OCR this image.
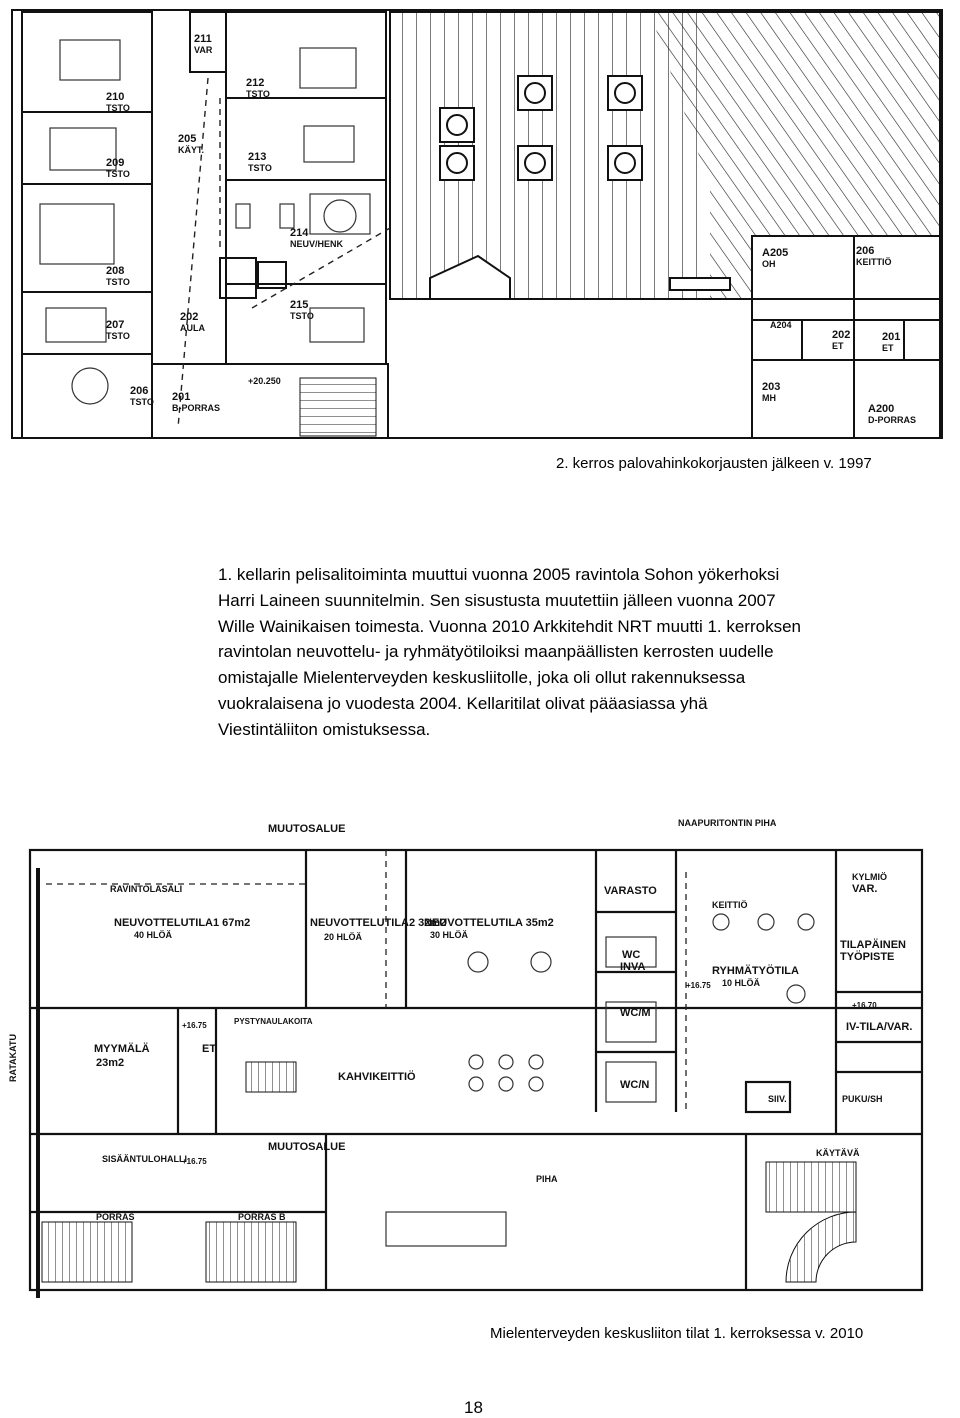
210
TSTO
211
VAR
212
TSTO
205
KÄYT.
209
TSTO
213
TSTO
208
TSTO
214
NEUV/HENK
215
TSTO
207
TSTO
202
AULA
206
TSTO 201
B-PORRAS
+20.250
A205
OH
206
KEITTIÖ
A204
202
ET
201
ET
203
MH
A200
D-PORRAS
2. kerros palovahinkokorjausten jälkeen v. 1997
1. kellarin pelisalitoiminta muuttui vuonna 2005 ravintola Sohon yökerhoksi
Harri Laineen suunnitelmin. Sen sisustusta muutettiin jälleen vuonna 2007
Wille Wainikaisen toimesta. Vuonna 2010 Arkkitehdit NRT muutti 1. kerroksen
ravintolan neuvottelu- ja ryhmätyötiloiksi maanpäällisten kerrosten uudelle
omistajalle Mielenterveyden keskusliitolle, joka oli ollut rakennuksessa
vuokralaisena jo vuodesta 2004. Kellaritilat olivat pääasiassa yhä
Viestintäliiton omistuksessa.
MUUTOSALUE	NAAPURITONTIN PIHA
RAVINTOLASALI
NEUVOTTELUTILA1 67m2
40 HLÖÄ
NEUVOTTELUTILA2 32m2
20 HLÖÄ
NEUVOTTELUTILA 35m2
30 HLÖÄ
VARASTO
KEITTIÖ
KYLMIÖ
VAR.
TILAPÄINEN
TYÖPISTE
WC
INVA	RYHMÄTYÖTILA
10 HLÖÄ
WC/M
WC/N
IV-TILA/VAR.
MYYMÄLÄ
23m2
RATAKATU	ET
PYSTYNAULAKOITA
KAHVIKEITTIÖ
SISÄÄNTULOHALLI
MUUTOSALUE
PIHA
PORRAS	PORRAS B
KÄYTÄVÄ
PUKU/SH
SIIV.
+16.75
+16.75
+16.70
+16.75
Mielenterveyden keskusliiton tilat 1. kerroksessa v. 2010
18
